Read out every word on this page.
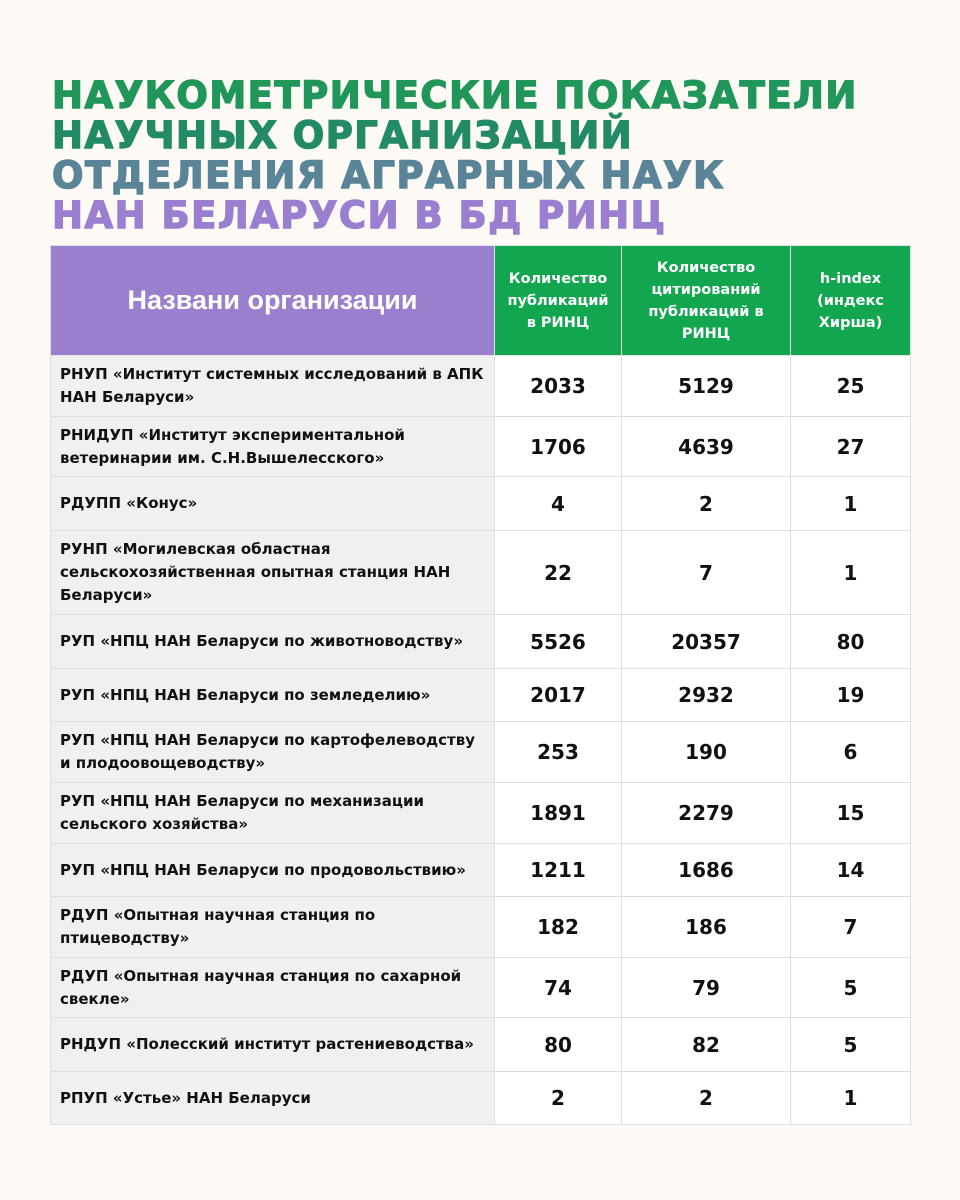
НАУКОМЕТРИЧЕСКИЕ ПОКАЗАТЕЛИ
НАУЧНЫХ ОРГАНИЗАЦИЙ
ОТДЕЛЕНИЯ АГРАРНЫХ НАУК
НАН БЕЛАРУСИ В БД РИНЦ
Названи организации	Количество публикаций в РИНЦ	Количество цитирований публикаций в РИНЦ	h-index (индекс Хирша)
РНУП «Институт системных исследований в АПК НАН Беларуси»	2033	5129	25
РНИДУП «Институт экспериментальной ветеринарии им. С.Н.Вышелесского»	1706	4639	27
РДУПП «Конус»	4	2	1
РУНП «Могилевская областная сельскохозяйственная опытная станция НАН Беларуси»	22	7	1
РУП «НПЦ НАН Беларуси по животноводству»	5526	20357	80
РУП «НПЦ НАН Беларуси по земледелию»	2017	2932	19
РУП «НПЦ НАН Беларуси по картофелеводству и плодоовощеводству»	253	190	6
РУП «НПЦ НАН Беларуси по механизации сельского хозяйства»	1891	2279	15
РУП «НПЦ НАН Беларуси по продовольствию»	1211	1686	14
РДУП «Опытная научная станция по птицеводству»	182	186	7
РДУП «Опытная научная станция по сахарной свекле»	74	79	5
РНДУП «Полесский институт растениеводства»	80	82	5
РПУП «Устье» НАН Беларуси	2	2	1
